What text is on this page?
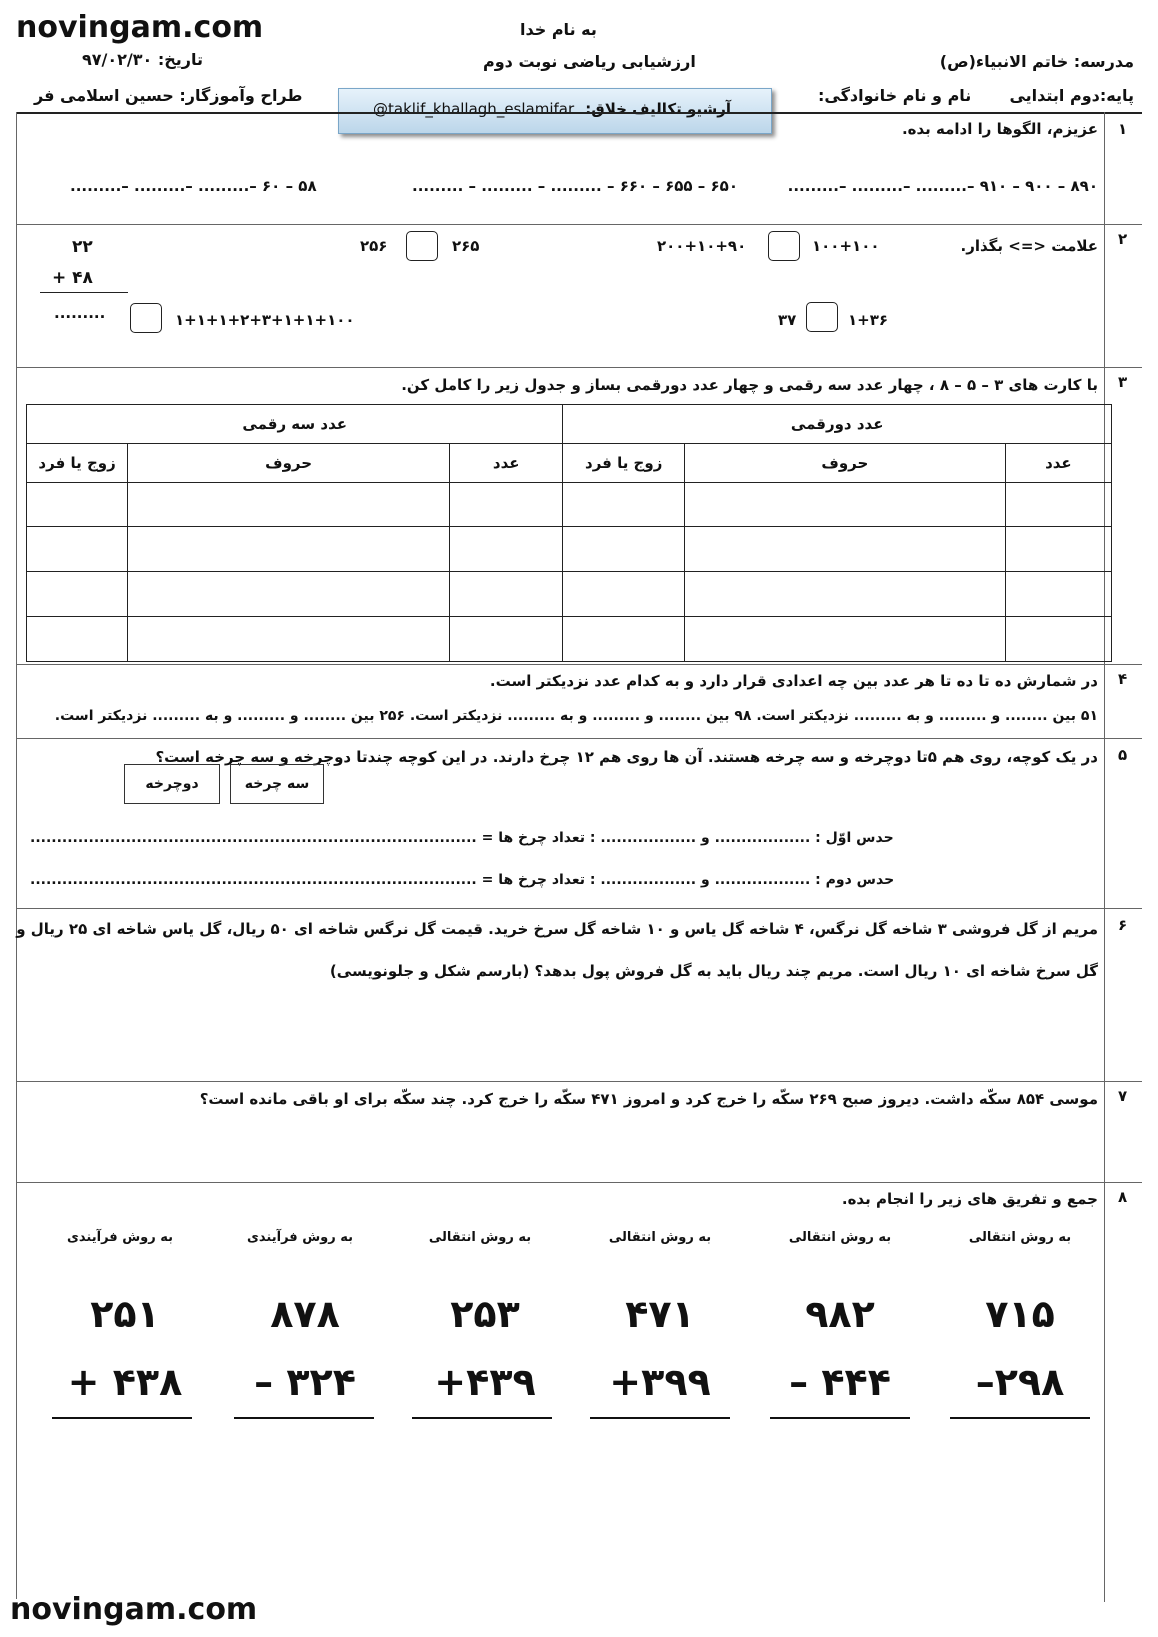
novingam.com
novingam.com
به نام خدا
ارزشیابی ریاضی نوبت دوم	مدرسه: خاتم الانبیاء(ص)
تاریخ: ۹۷/۰۲/۳۰
پایه:دوم ابتدایی
نام و نام خانوادگی:
طراح وآموزگار: حسین اسلامی فر
آرشیو تکالیف خلاق:
@taklif_khallagh_eslamifar
۱
عزیزم، الگوها را ادامه بده.
۸۹۰ – ۹۰۰ – ۹۱۰ –......... –......... –.........
۶۵۰ – ۶۵۵ – ۶۶۰ – ......... – ......... – .........
۵۸ – ۶۰ –......... –......... –.........
۲
علامت <=> بگذار.
۱۰۰+۱۰۰
۲۰۰+۱۰+۹۰
۲۶۵
۲۵۶
۲۲
+ ۴۸
.........	۱+۳۶
۳۷
۱+۱+۱+۲+۳+۱+۱+۱۰۰
۳
با کارت های ۳ – ۵ – ۸ ، چهار عدد سه رقمی و چهار عدد دورقمی بساز و جدول زیر را کامل کن.
عدد دورقمی			عدد سه رقمی		
عدد	حروف	زوج یا فرد	عدد	حروف	زوج یا فرد

۴
در شمارش ده تا ده تا هر عدد بین چه اعدادی قرار دارد و به کدام عدد نزدیکتر است.
۵۱ بین ........ و ......... و به ......... نزدیکتر است. ۹۸ بین ........ و ......... و به ......... نزدیکتر است. ۲۵۶ بین ........ و ......... و به ......... نزدیکتر است.
۵
در یک کوچه، روی هم ۵تا دوچرخه و سه چرخه هستند. آن ها روی هم ۱۲ چرخ دارند. در این کوچه چندتا دوچرخه و سه چرخه است؟
سه چرخه
دوچرخه
حدس اوّل : .................. و .................. : تعداد چرخ ها = ....................................................................................
حدس دوم : .................. و .................. : تعداد چرخ ها = ....................................................................................
۶
مریم از گل فروشی ۳ شاخه گل نرگس، ۴ شاخه گل یاس و ۱۰ شاخه گل سرخ خرید. قیمت گل نرگس شاخه ای ۵۰ ریال، گل یاس شاخه ای ۲۵ ریال و
گل سرخ شاخه ای ۱۰ ریال است. مریم چند ریال باید به گل فروش پول بدهد؟ (بارسم شکل و جلونویسی)
۷
موسی ۸۵۴ سکّه داشت. دیروز صبح ۲۶۹ سکّه را خرج کرد و امروز ۴۷۱ سکّه را خرج کرد. چند سکّه برای او باقی مانده است؟
۸
جمع و تفریق های زیر را انجام بده.
به روش انتقالی
به روش انتقالی
به روش انتقالی
به روش انتقالی
به روش فرآیندی
به روش فرآیندی
۷۱۵
۹۸۲
۴۷۱
۲۵۳
۸۷۸
۲۵۱
–۲۹۸
– ۴۴۴
+۳۹۹
+۴۳۹
– ۳۲۴
+ ۴۳۸
